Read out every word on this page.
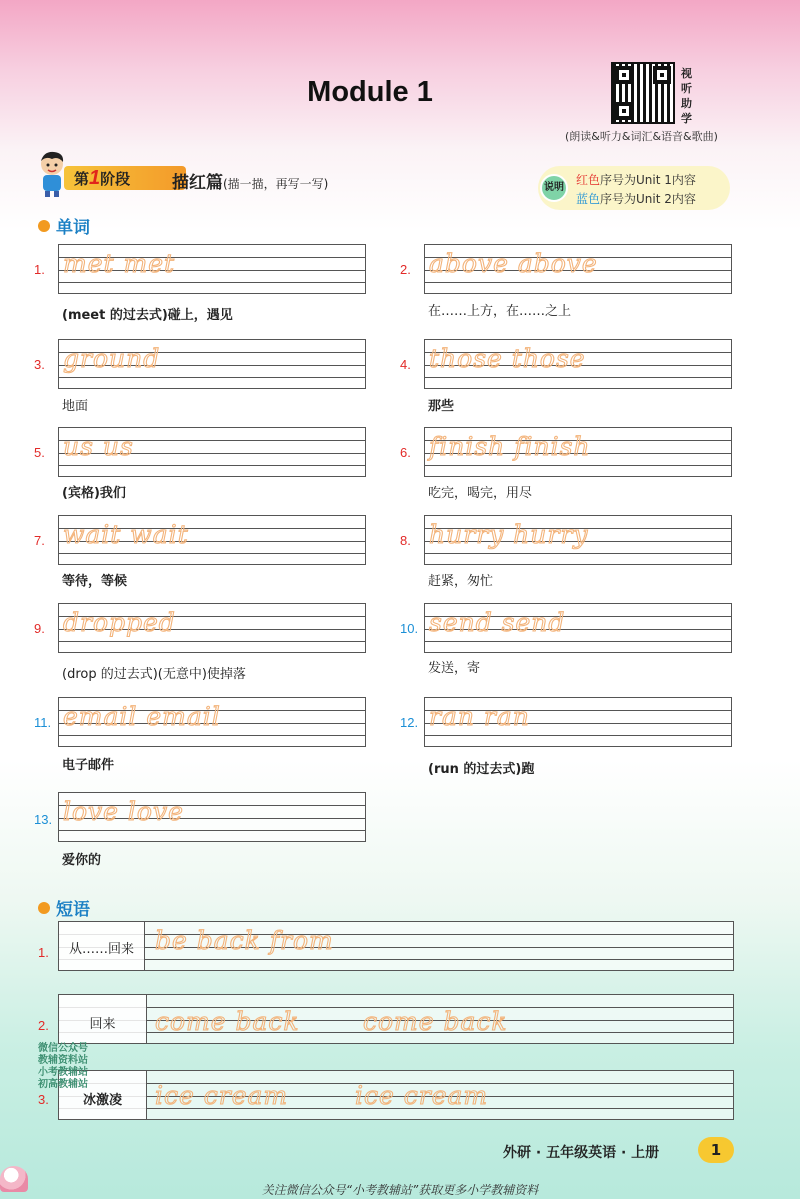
Module 1
视听助学
(朗读&听力&词汇&语音&歌曲)
第1阶段	描红篇(描一描，再写一写)	说明
红色序号为Unit 1内容
蓝色序号为Unit 2内容
单词
1. met met
(meet 的过去式)碰上，遇见
2. above above
在……上方，在……之上
3. ground
地面
4. those those
那些
5. us us
(宾格)我们
6. finish finish
吃完，喝完，用尽
7. wait wait
等待，等候
8. hurry hurry
赶紧，匆忙
9. dropped
(drop 的过去式)(无意中)使掉落
10. send send
发送，寄
11. email email
电子邮件
12. ran ran
(run 的过去式)跑
13. love love
爱你的
短语
1.	从……回来 be back from
2.	回来	come back	come back
3.	冰激凌	ice cream	ice cream
微信公众号
教辅资料站
小考教辅站
初高教辅站
外研 · 五年级英语 · 上册	1
关注微信公众号“小考教辅站”获取更多小学教辅资料
